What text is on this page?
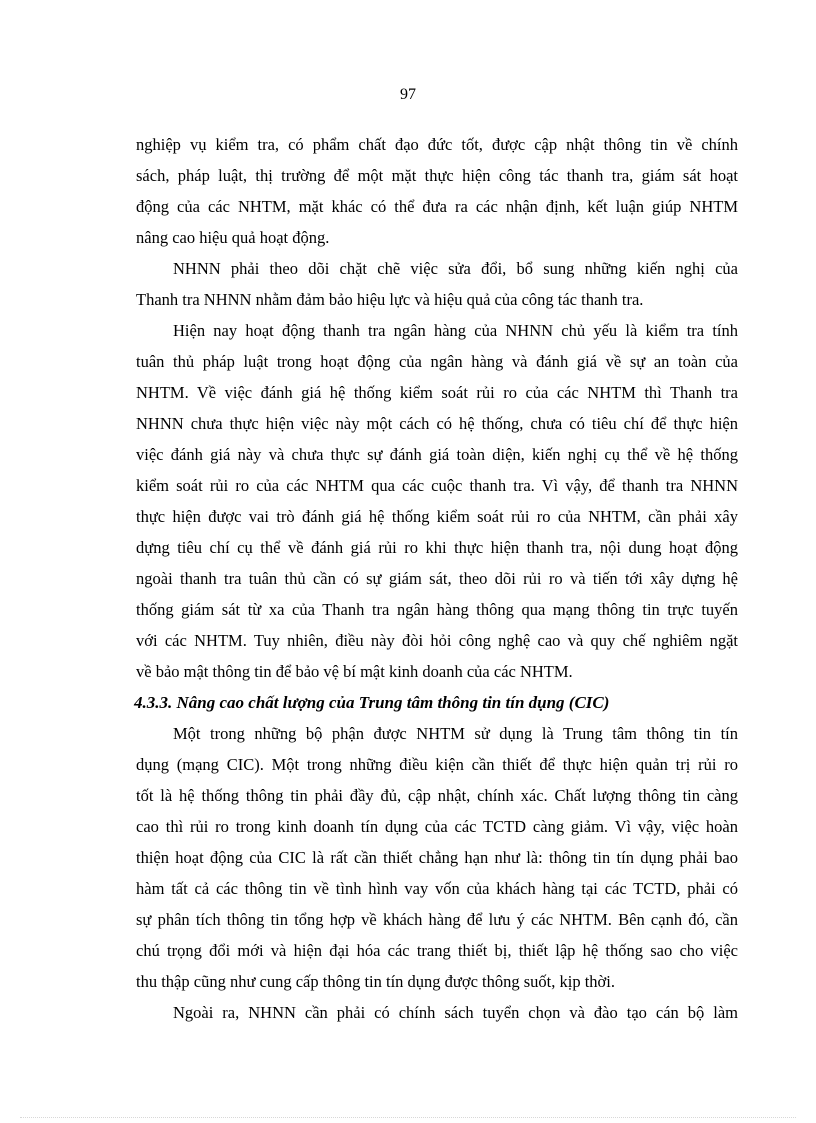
97
nghiệp vụ kiểm tra, có phẩm chất đạo đức tốt, được cập nhật thông tin về chính
sách, pháp luật, thị trường để một mặt thực hiện công tác thanh tra, giám sát hoạt
động của các NHTM, mặt khác có thể đưa ra các nhận định, kết luận giúp NHTM
nâng cao hiệu quả hoạt động.
NHNN phải theo dõi chặt chẽ việc sửa đổi, bổ sung những kiến nghị của
Thanh tra NHNN nhằm đảm bảo hiệu lực và hiệu quả của công tác thanh tra.
Hiện nay hoạt động thanh tra ngân hàng của NHNN chủ yếu là kiểm tra tính
tuân thủ pháp luật trong hoạt động của ngân hàng và đánh giá về sự an toàn của
NHTM. Về việc đánh giá hệ thống kiểm soát rủi ro của các NHTM thì Thanh tra
NHNN chưa thực hiện việc này một cách có hệ thống, chưa có tiêu chí để thực hiện
việc đánh giá này và chưa thực sự đánh giá toàn diện, kiến nghị cụ thể về hệ thống
kiểm soát rủi ro của các NHTM qua các cuộc thanh tra. Vì vậy, để thanh tra NHNN
thực hiện được vai trò đánh giá hệ thống kiểm soát rủi ro của NHTM, cần phải xây
dựng tiêu chí cụ thể về đánh giá rủi ro khi thực hiện thanh tra, nội dung hoạt động
ngoài thanh tra tuân thủ cần có sự giám sát, theo dõi rủi ro và tiến tới xây dựng hệ
thống giám sát từ xa của Thanh tra ngân hàng thông qua mạng thông tin trực tuyến
với các NHTM. Tuy nhiên, điều này đòi hỏi công nghệ cao và quy chế nghiêm ngặt
về bảo mật thông tin để bảo vệ bí mật kinh doanh của các NHTM.
4.3.3. Nâng cao chất lượng của Trung tâm thông tin tín dụng (CIC)
Một trong những bộ phận được NHTM sử dụng là Trung tâm thông tin tín
dụng (mạng CIC). Một trong những điều kiện cần thiết để thực hiện quản trị rủi ro
tốt là hệ thống thông tin phải đầy đủ, cập nhật, chính xác. Chất lượng thông tin càng
cao thì rủi ro trong kinh doanh tín dụng của các TCTD càng giảm. Vì vậy, việc hoàn
thiện hoạt động của CIC là rất cần thiết chẳng hạn như là: thông tin tín dụng phải bao
hàm tất cả các thông tin về tình hình vay vốn của khách hàng tại các TCTD, phải có
sự phân tích thông tin tổng hợp về khách hàng để lưu ý các NHTM. Bên cạnh đó, cần
chú trọng đổi mới và hiện đại hóa các trang thiết bị, thiết lập hệ thống sao cho việc
thu thập cũng như cung cấp thông tin tín dụng được thông suốt, kịp thời.
Ngoài ra, NHNN cần phải có chính sách tuyển chọn và đào tạo cán bộ làm
